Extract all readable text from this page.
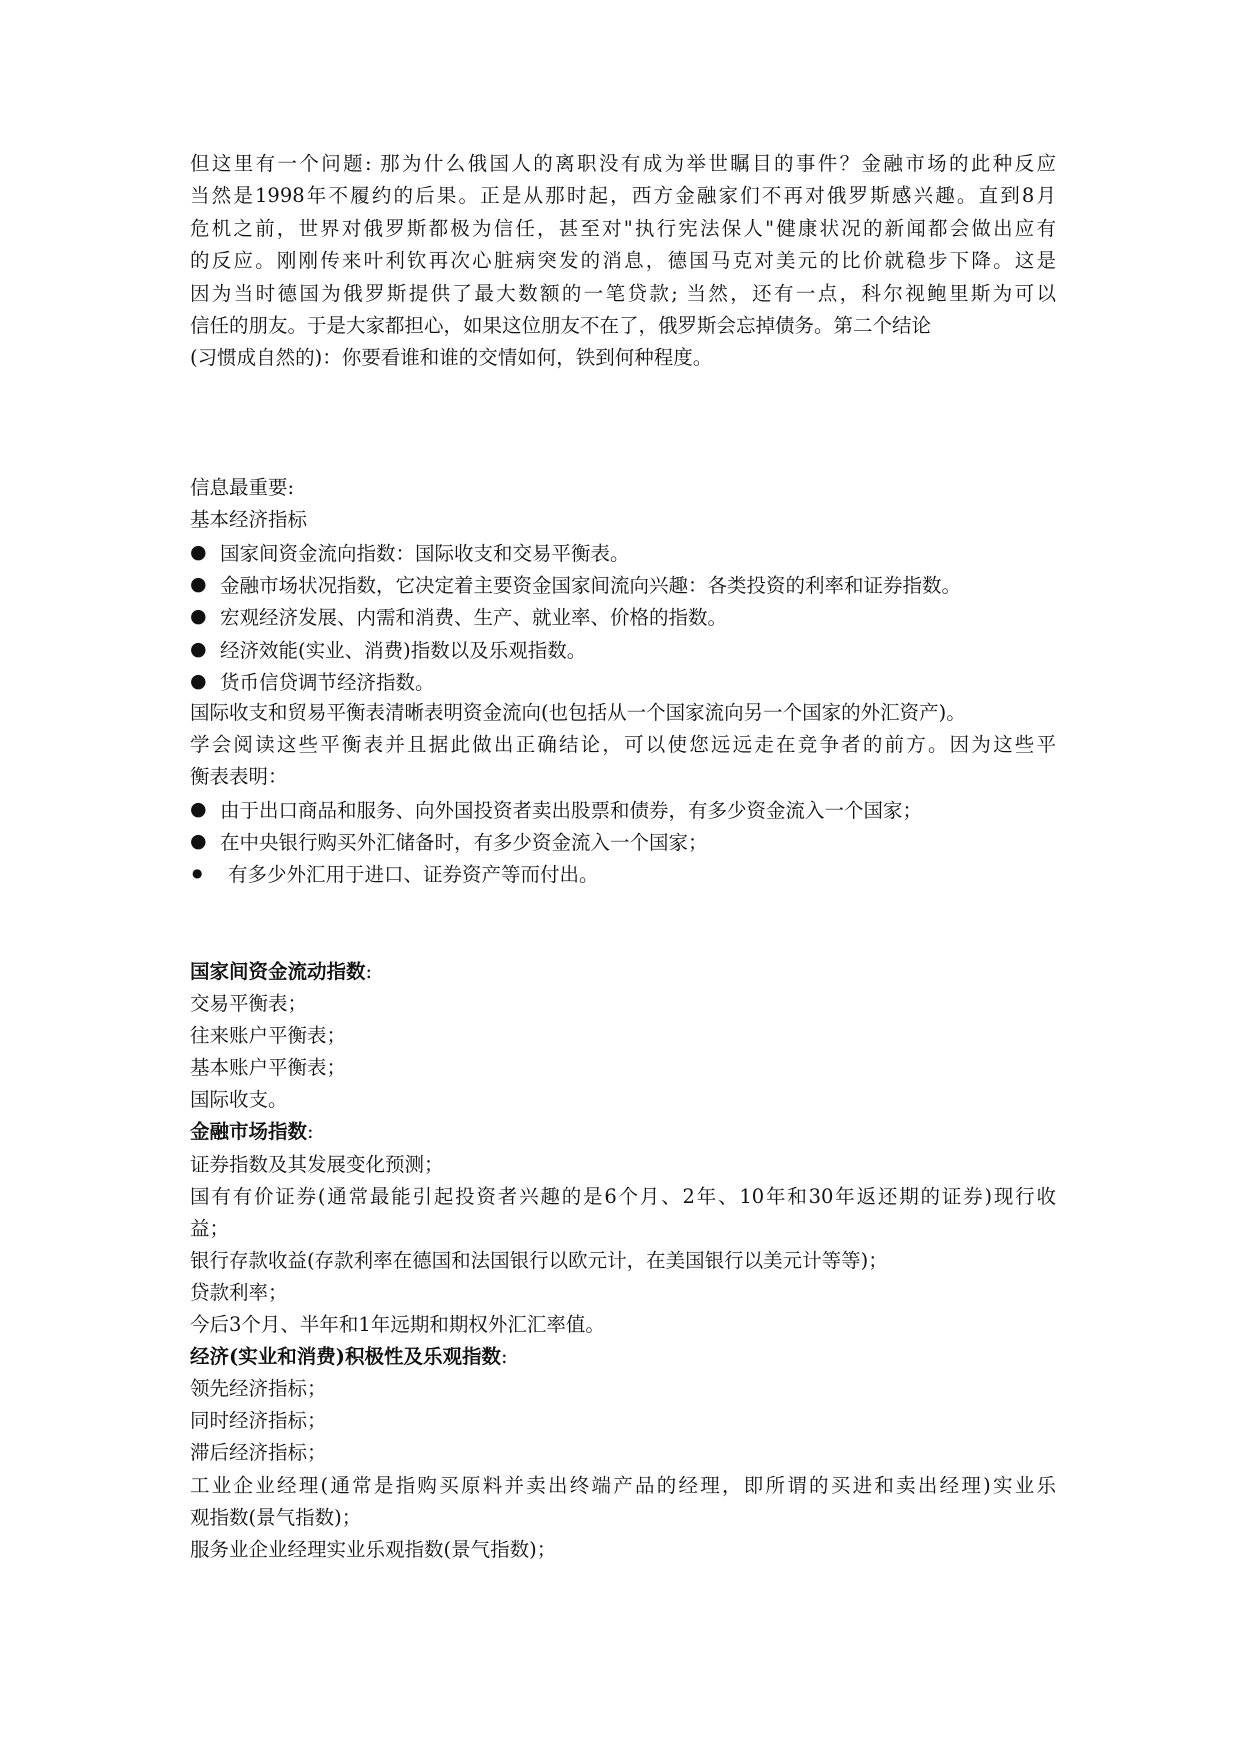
但这里有一个问题: 那为什么俄国人的离职没有成为举世瞩目的事件？金融市场的此种反应
当然是1998年不履约的后果。正是从那时起，西方金融家们不再对俄罗斯感兴趣。直到8月
危机之前，世界对俄罗斯都极为信任，甚至对"执行宪法保人"健康状况的新闻都会做出应有
的反应。刚刚传来叶利钦再次心脏病突发的消息，德国马克对美元的比价就稳步下降。这是
因为当时德国为俄罗斯提供了最大数额的一笔贷款; 当然，还有一点，科尔视鲍里斯为可以
信任的朋友。于是大家都担心，如果这位朋友不在了，俄罗斯会忘掉债务。第二个结论
(习惯成自然的)：你要看谁和谁的交情如何，铁到何种程度。
信息最重要:
基本经济指标
● 国家间资金流向指数：国际收支和交易平衡表。
● 金融市场状况指数，它决定着主要资金国家间流向兴趣：各类投资的利率和证券指数。
● 宏观经济发展、内需和消费、生产、就业率、价格的指数。
● 经济效能(实业、消费)指数以及乐观指数。
● 货币信贷调节经济指数。
国际收支和贸易平衡表清晰表明资金流向(也包括从一个国家流向另一个国家的外汇资产)。
学会阅读这些平衡表并且据此做出正确结论，可以使您远远走在竞争者的前方。因为这些平
衡表表明：
● 由于出口商品和服务、向外国投资者卖出股票和债券，有多少资金流入一个国家；
● 在中央银行购买外汇储备时，有多少资金流入一个国家；
●	有多少外汇用于进口、证券资产等而付出。
国家间资金流动指数:
交易平衡表；
往来账户平衡表；
基本账户平衡表；
国际收支。
金融市场指数:
证券指数及其发展变化预测；
国有有价证券(通常最能引起投资者兴趣的是6个月、2年、10年和30年返还期的证券)现行收
益；
银行存款收益(存款利率在德国和法国银行以欧元计，在美国银行以美元计等等)；
贷款利率；
今后3个月、半年和1年远期和期权外汇汇率值。
经济(实业和消费)积极性及乐观指数:
领先经济指标；
同时经济指标；
滞后经济指标；
工业企业经理(通常是指购买原料并卖出终端产品的经理，即所谓的买进和卖出经理)实业乐
观指数(景气指数)；
服务业企业经理实业乐观指数(景气指数)；
